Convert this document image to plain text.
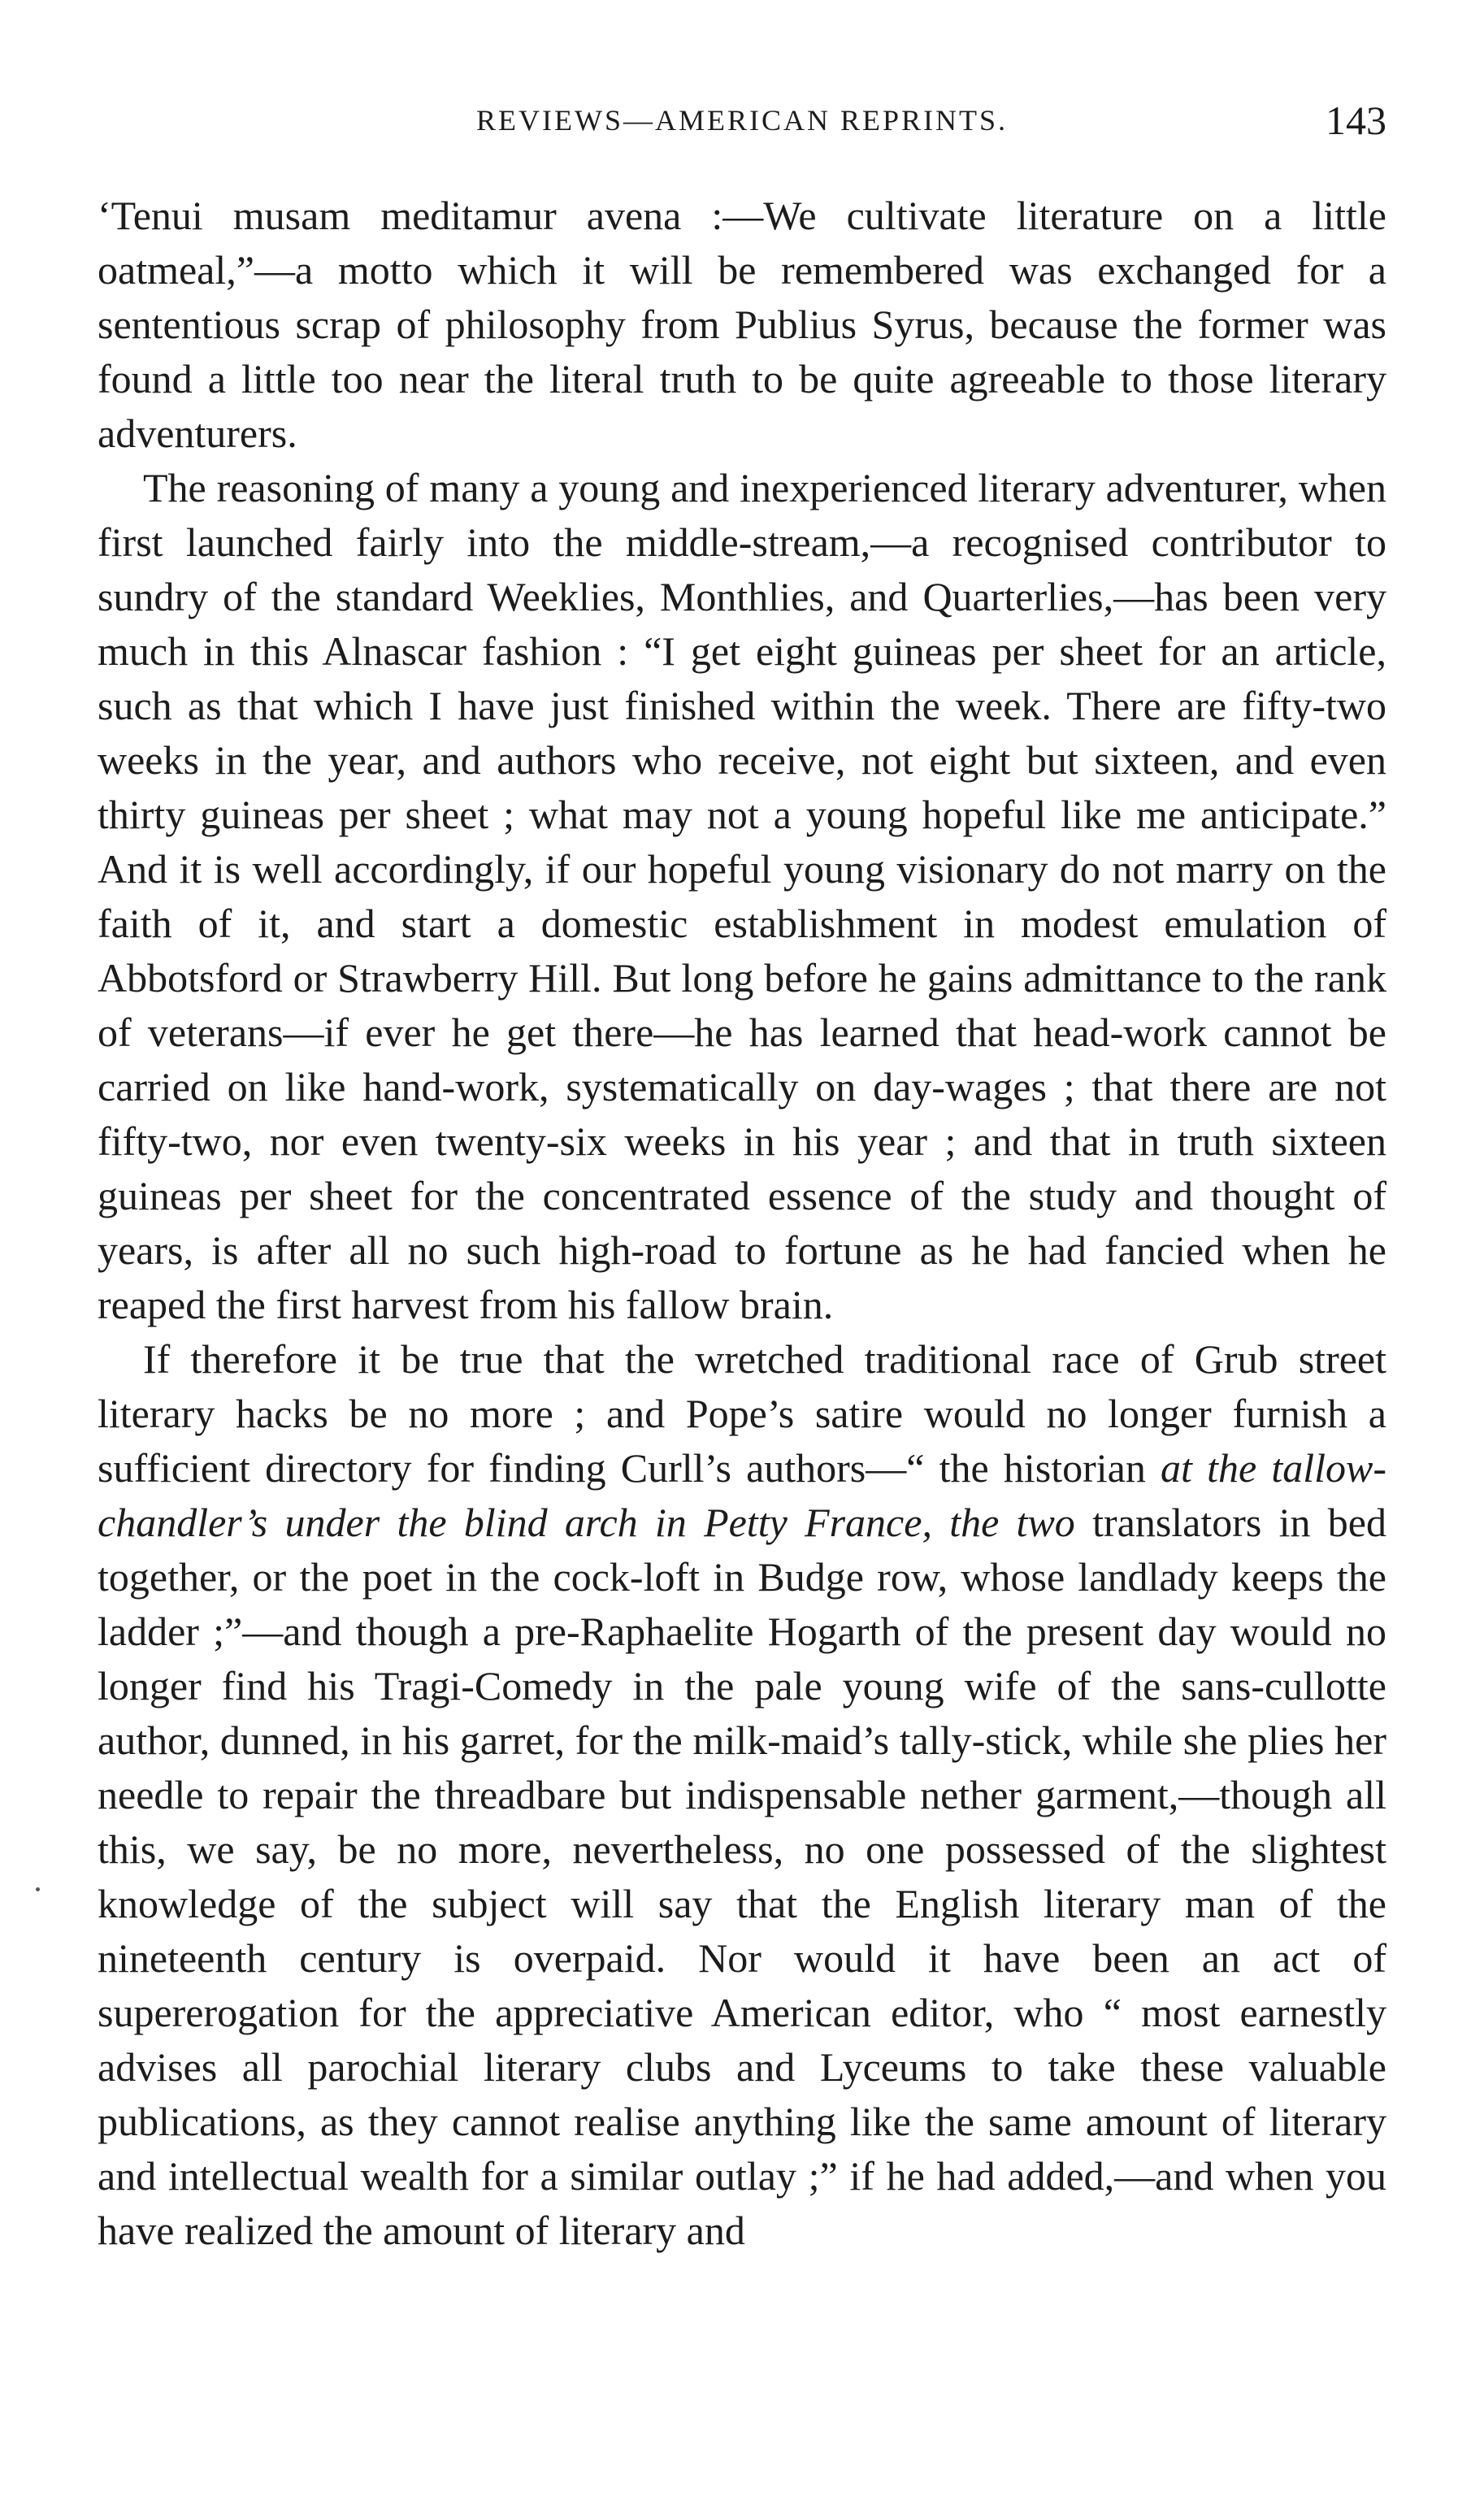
REVIEWS—AMERICAN REPRINTS.	143

‘Tenui musam meditamur avena :—We cultivate literature on a little oatmeal,”—a motto which it will be remembered was exchanged for a sententious scrap of philosophy from Publius Syrus, because the former was found a little too near the literal truth to be quite agreeable to those literary adventurers.

The reasoning of many a young and inexperienced literary adventurer, when first launched fairly into the middle-stream,—a recognised contributor to sundry of the standard Weeklies, Monthlies, and Quarterlies,—has been very much in this Alnascar fashion : “I get eight guineas per sheet for an article, such as that which I have just finished within the week. There are fifty-two weeks in the year, and authors who receive, not eight but sixteen, and even thirty guineas per sheet ; what may not a young hopeful like me anticipate.” And it is well accordingly, if our hopeful young visionary do not marry on the faith of it, and start a domestic establishment in modest emulation of Abbotsford or Strawberry Hill. But long before he gains admittance to the rank of veterans—if ever he get there—he has learned that head-work cannot be carried on like hand-work, systematically on day-wages ; that there are not fifty-two, nor even twenty-six weeks in his year ; and that in truth sixteen guineas per sheet for the concentrated essence of the study and thought of years, is after all no such high-road to fortune as he had fancied when he reaped the first harvest from his fallow brain.

If therefore it be true that the wretched traditional race of Grub street literary hacks be no more ; and Pope’s satire would no longer furnish a sufficient directory for finding Curll’s authors—“ the historian at the tallow-chandler’s under the blind arch in Petty France, the two translators in bed together, or the poet in the cock-loft in Budge row, whose landlady keeps the ladder ;”—and though a pre-Raphaelite Hogarth of the present day would no longer find his Tragi-Comedy in the pale young wife of the sans-cullotte author, dunned, in his garret, for the milk-maid’s tally-stick, while she plies her needle to repair the threadbare but indispensable nether garment,—though all this, we say, be no more, nevertheless, no one possessed of the slightest knowledge of the subject will say that the English literary man of the nineteenth century is overpaid. Nor would it have been an act of supererogation for the appreciative American editor, who “ most earnestly advises all parochial literary clubs and Lyceums to take these valuable publications, as they cannot realise anything like the same amount of literary and intellectual wealth for a similar outlay ;” if he had added,—and when you have realized the amount of literary and
